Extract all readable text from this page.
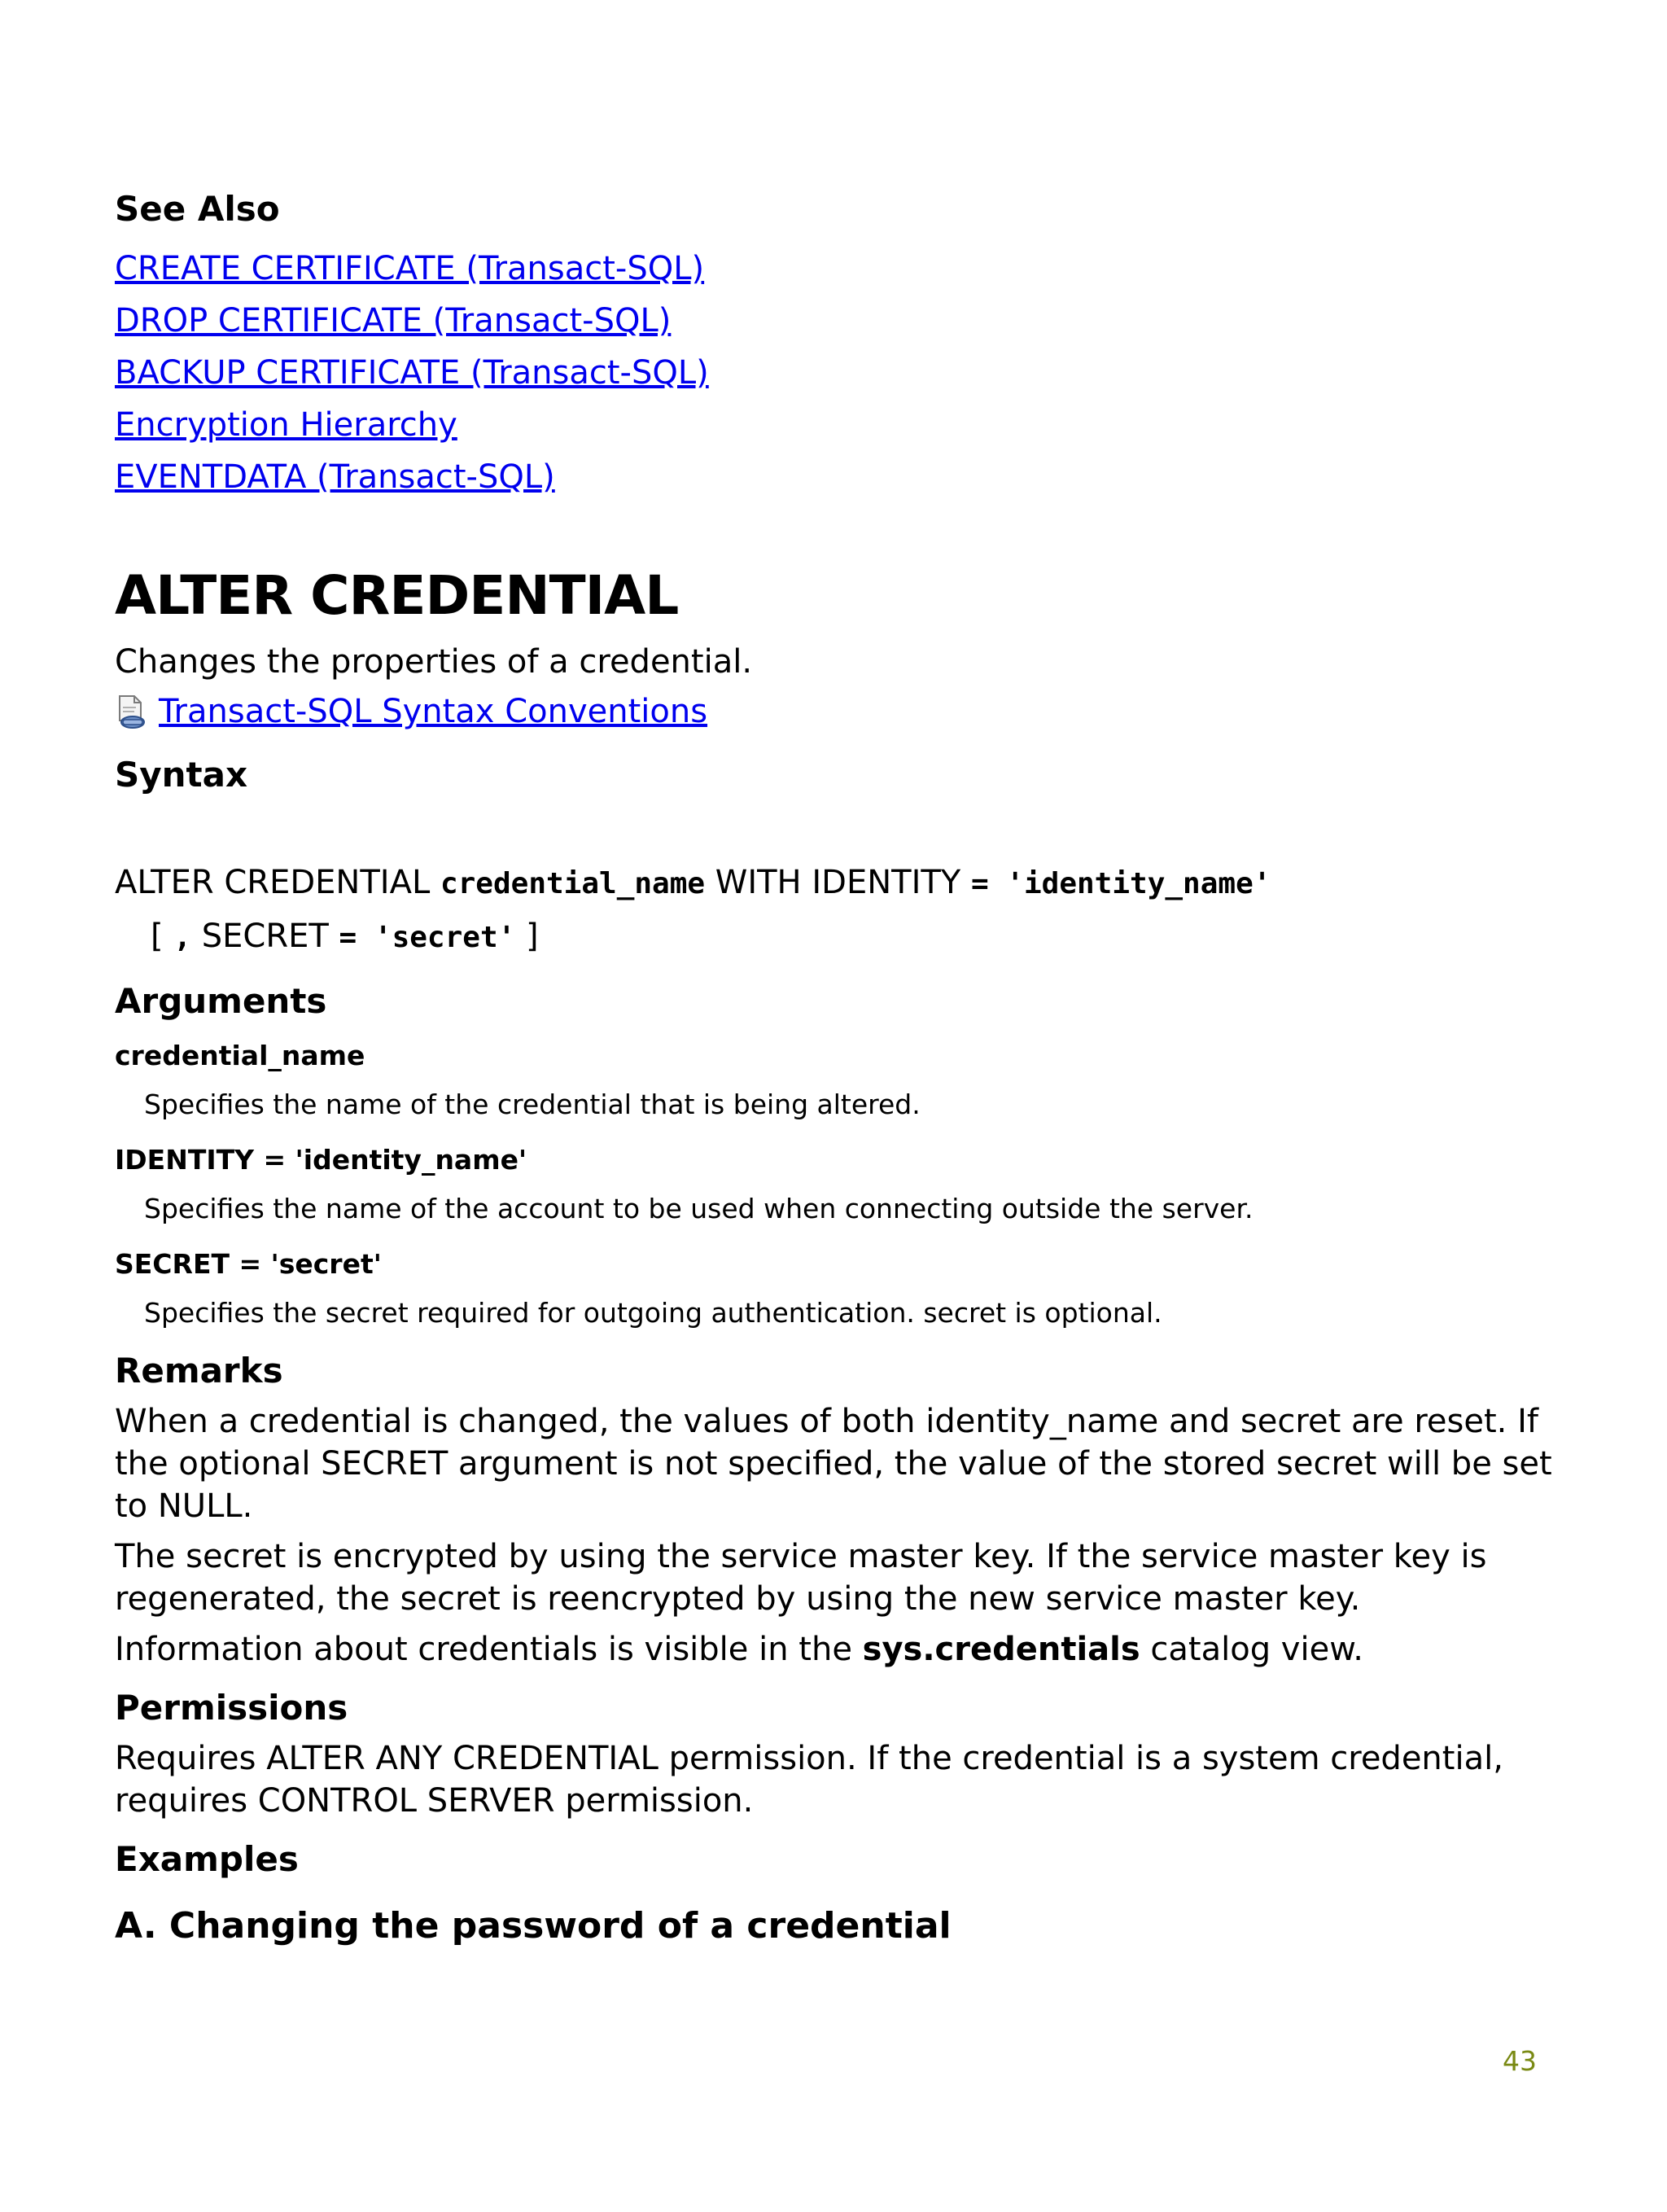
See Also
CREATE CERTIFICATE (Transact-SQL)
DROP CERTIFICATE (Transact-SQL)
BACKUP CERTIFICATE (Transact-SQL)
Encryption Hierarchy
EVENTDATA (Transact-SQL)
ALTER CREDENTIAL

Changes the properties of a credential.

Transact-SQL Syntax Conventions
Syntax
ALTER CREDENTIAL credential_name WITH IDENTITY = 'identity_name'
[ , SECRET = 'secret' ]
Arguments
credential_name
Specifies the name of the credential that is being altered.
IDENTITY = 'identity_name'
Specifies the name of the account to be used when connecting outside the server.
SECRET = 'secret'
Specifies the secret required for outgoing authentication. secret is optional.
Remarks

When a credential is changed, the values of both identity_name and secret are reset. If the optional SECRET argument is not specified, the value of the stored secret will be set to NULL.

The secret is encrypted by using the service master key. If the service master key is regenerated, the secret is reencrypted by using the new service master key.

Information about credentials is visible in the sys.credentials catalog view.

Permissions

Requires ALTER ANY CREDENTIAL permission. If the credential is a system credential, requires CONTROL SERVER permission.

Examples
A. Changing the password of a credential
43
